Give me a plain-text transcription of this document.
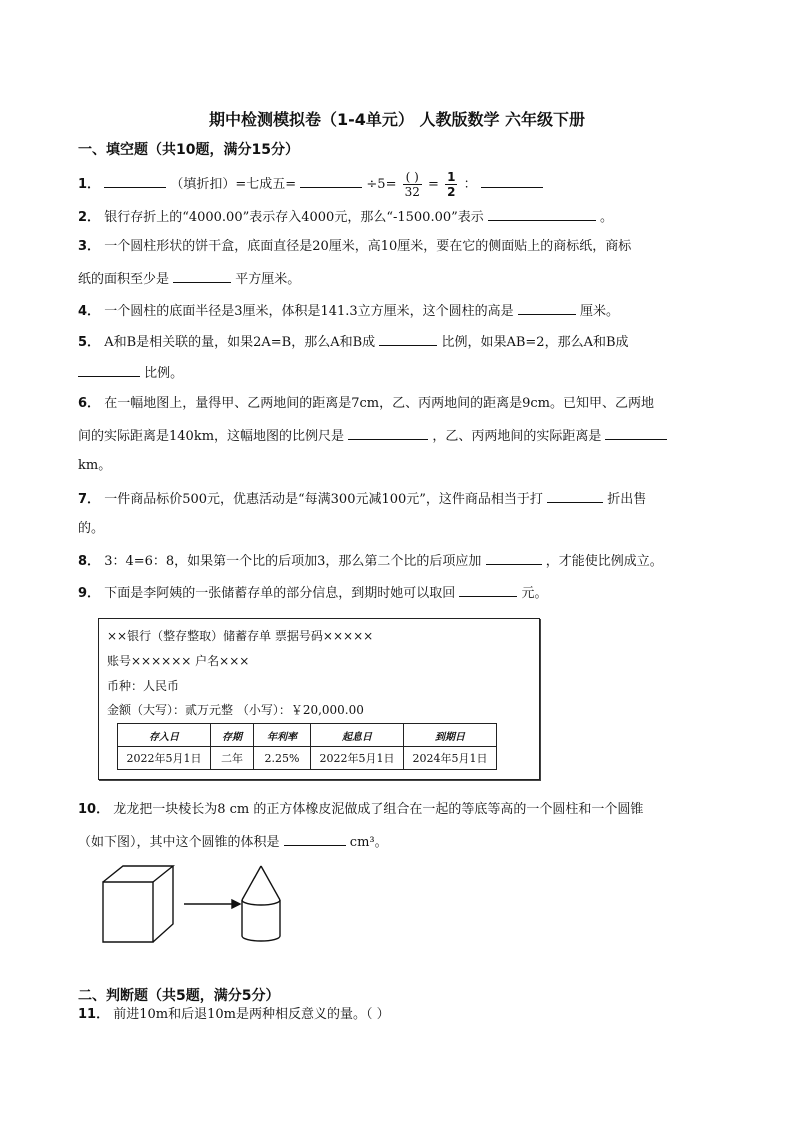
期中检测模拟卷（1-4单元） 人教版数学 六年级下册
一、填空题（共10题，满分15分）
1．	（填折扣）=七成五=	$\div 5= \frac{( )}{32} = \frac{1}{2}$ ：
2． 银行存折上的“4000.00”表示存入4000元，那么“-1500.00”表示	。
3． 一个圆柱形状的饼干盒，底面直径是20厘米，高10厘米，要在它的侧面贴上的商标纸，商标
纸的面积至少是	平方厘米。
4． 一个圆柱的底面半径是3厘米，体积是141.3立方厘米，这个圆柱的高是	厘米。
5． A和B是相关联的量，如果2A=B，那么A和B成	比例，如果AB=2，那么A和B成
比例。
6． 在一幅地图上，量得甲、乙两地间的距离是7cm，乙、丙两地间的距离是9cm。已知甲、乙两地
间的实际距离是140km，这幅地图的比例尺是	，乙、丙两地间的实际距离是
km。
7． 一件商品标价500元，优惠活动是“每满300元减100元”，这件商品相当于打	折出售
的。
8． 3：4=6：8，如果第一个比的后项加3，那么第二个比的后项应加	，才能使比例成立。
9． 下面是李阿姨的一张储蓄存单的部分信息，到期时她可以取回	元。
××银行（整存整取）储蓄存单 票据号码×××××
账号×××××× 户名×××
币种：人民币
金额（大写）：贰万元整 （小写）：￥20,000.00
存入日	存期	年利率	起息日	到期日
2022年5月1日	二年	2.25%	2022年5月1日	2024年5月1日
10． 龙龙把一块棱长为8 cm 的正方体橡皮泥做成了组合在一起的等底等高的一个圆柱和一个圆锥
（如下图），其中这个圆锥的体积是	cm³。
二、判断题（共5题，满分5分）
11． 前进10m和后退10m是两种相反意义的量。（ ）
